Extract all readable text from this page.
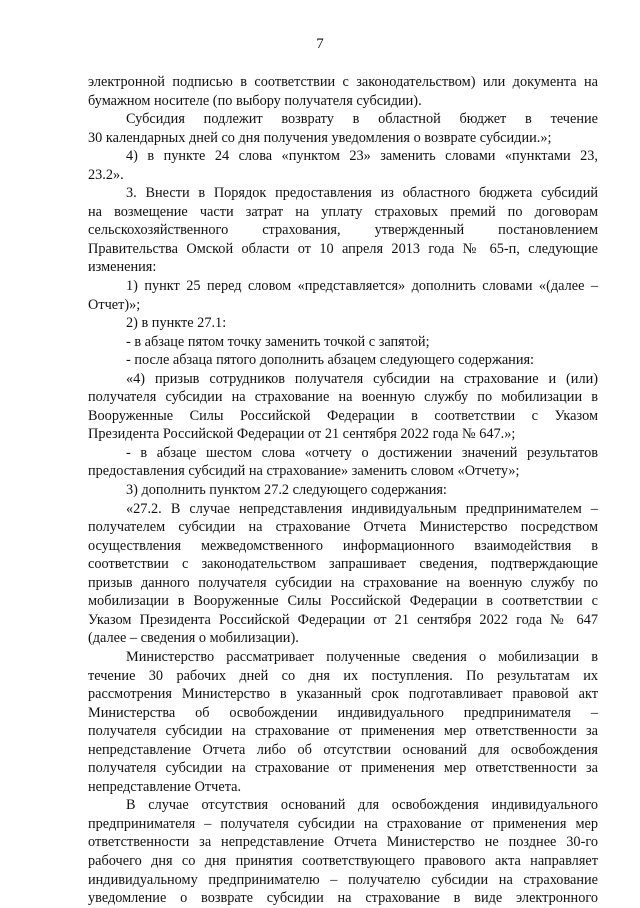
7
электронной подписью в соответствии с законодательством) или документа на
бумажном носителе (по выбору получателя субсидии).
Субсидия подлежит возврату в областной бюджет в течение
30 календарных дней со дня получения уведомления о возврате субсидии.»;
4) в пункте 24 слова «пунктом 23» заменить словами «пунктами 23,
23.2».
3. Внести в Порядок предоставления из областного бюджета субсидий
на возмещение части затрат на уплату страховых премий по договорам
сельскохозяйственного страхования, утвержденный постановлением
Правительства Омской области от 10 апреля 2013 года № 65-п, следующие
изменения:
1) пункт 25 перед словом «представляется» дополнить словами «(далее –
Отчет)»;
2) в пункте 27.1:
- в абзаце пятом точку заменить точкой с запятой;
- после абзаца пятого дополнить абзацем следующего содержания:
«4) призыв сотрудников получателя субсидии на страхование и (или)
получателя субсидии на страхование на военную службу по мобилизации в
Вооруженные Силы Российской Федерации в соответствии с Указом
Президента Российской Федерации от 21 сентября 2022 года № 647.»;
- в абзаце шестом слова «отчету о достижении значений результатов
предоставления субсидий на страхование» заменить словом «Отчету»;
3) дополнить пунктом 27.2 следующего содержания:
«27.2. В случае непредставления индивидуальным предпринимателем –
получателем субсидии на страхование Отчета Министерство посредством
осуществления межведомственного информационного взаимодействия в
соответствии с законодательством запрашивает сведения, подтверждающие
призыв данного получателя субсидии на страхование на военную службу по
мобилизации в Вооруженные Силы Российской Федерации в соответствии с
Указом Президента Российской Федерации от 21 сентября 2022 года № 647
(далее – сведения о мобилизации).
Министерство рассматривает полученные сведения о мобилизации в
течение 30 рабочих дней со дня их поступления. По результатам их
рассмотрения Министерство в указанный срок подготавливает правовой акт
Министерства об освобождении индивидуального предпринимателя –
получателя субсидии на страхование от применения мер ответственности за
непредставление Отчета либо об отсутствии оснований для освобождения
получателя субсидии на страхование от применения мер ответственности за
непредставление Отчета.
В случае отсутствия оснований для освобождения индивидуального
предпринимателя – получателя субсидии на страхование от применения мер
ответственности за непредставление Отчета Министерство не позднее 30-го
рабочего дня со дня принятия соответствующего правового акта направляет
индивидуальному предпринимателю – получателю субсидии на страхование
уведомление о возврате субсидии на страхование в виде электронного
